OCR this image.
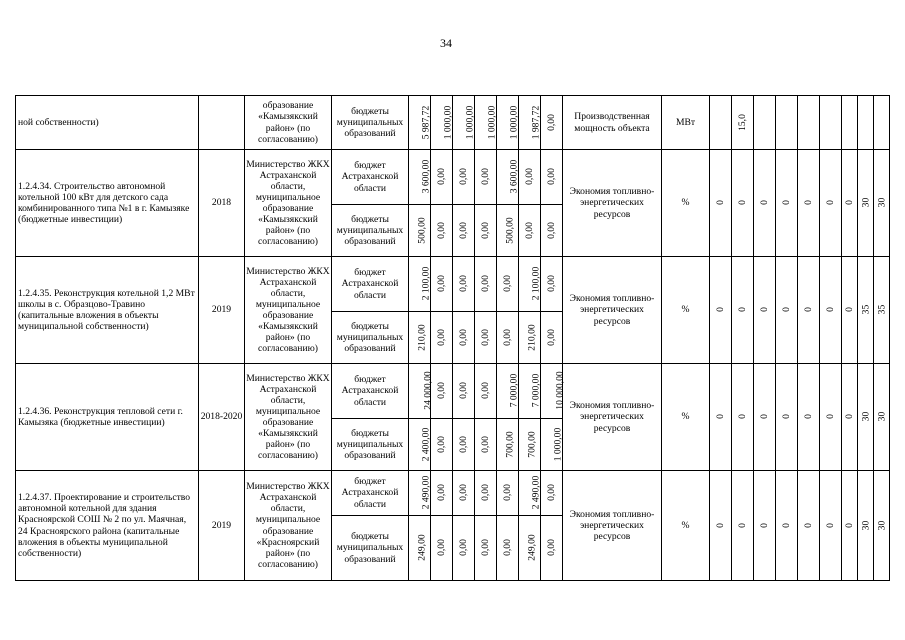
34
ной собственности)		образование «Камызякский район» (по согласованию)	бюджеты муниципальных образований	5 987,72	1 000,00	1 000,00	1 000,00	1 000,00	1 987,72	0,00	Производственная мощность объекта	МВт		15,0							
1.2.4.34. Строительство автономной котельной 100 кВт для детского сада комбинированного типа №1 в г. Камызяке (бюджетные инвестиции)	2018	Министерство ЖКХ Астраханской области, муниципальное образование «Камызякский район» (по согласованию)	бюджет Астраханской области	3 600,00	0,00	0,00	0,00	3 600,00	0,00	0,00	Экономия топливно-энергетических ресурсов	%	0	0	0	0	0	0	0	30	30
			бюджеты муниципальных образований	500,00	0,00	0,00	0,00	500,00	0,00	0,00											
1.2.4.35. Реконструкция котельной 1,2 МВт школы в с. Образцово-Травино (капитальные вложения в объекты муниципальной собственности)	2019	Министерство ЖКХ Астраханской области, муниципальное образование «Камызякский район» (по согласованию)	бюджет Астраханской области	2 100,00	0,00	0,00	0,00	0,00	2 100,00	0,00	Экономия топливно-энергетических ресурсов	%	0	0	0	0	0	0	0	35	35
			бюджеты муниципальных образований	210,00	0,00	0,00	0,00	0,00	210,00	0,00											
1.2.4.36. Реконструкция тепловой сети г. Камызяка (бюджетные инвестиции)	2018-2020	Министерство ЖКХ Астраханской области, муниципальное образование «Камызякский район» (по согласованию)	бюджет Астраханской области	24 000,00	0,00	0,00	0,00	7 000,00	7 000,00	10 000,00	Экономия топливно-энергетических ресурсов	%	0	0	0	0	0	0	0	30	30
			бюджеты муниципальных образований	2 400,00	0,00	0,00	0,00	700,00	700,00	1 000,00											
1.2.4.37. Проектирование и строительство автономной котельной для здания Красноярской СОШ № 2 по ул. Маячная, 24 Красноярского района (капитальные вложения в объекты муниципальной собственности)	2019	Министерство ЖКХ Астраханской области, муниципальное образование «Красноярский район» (по согласованию)	бюджет Астраханской области	2 490,00	0,00	0,00	0,00	0,00	2 490,00	0,00	Экономия топливно-энергетических ресурсов	%	0	0	0	0	0	0	0	30	30
			бюджеты муниципальных образований	249,00	0,00	0,00	0,00	0,00	249,00	0,00											
